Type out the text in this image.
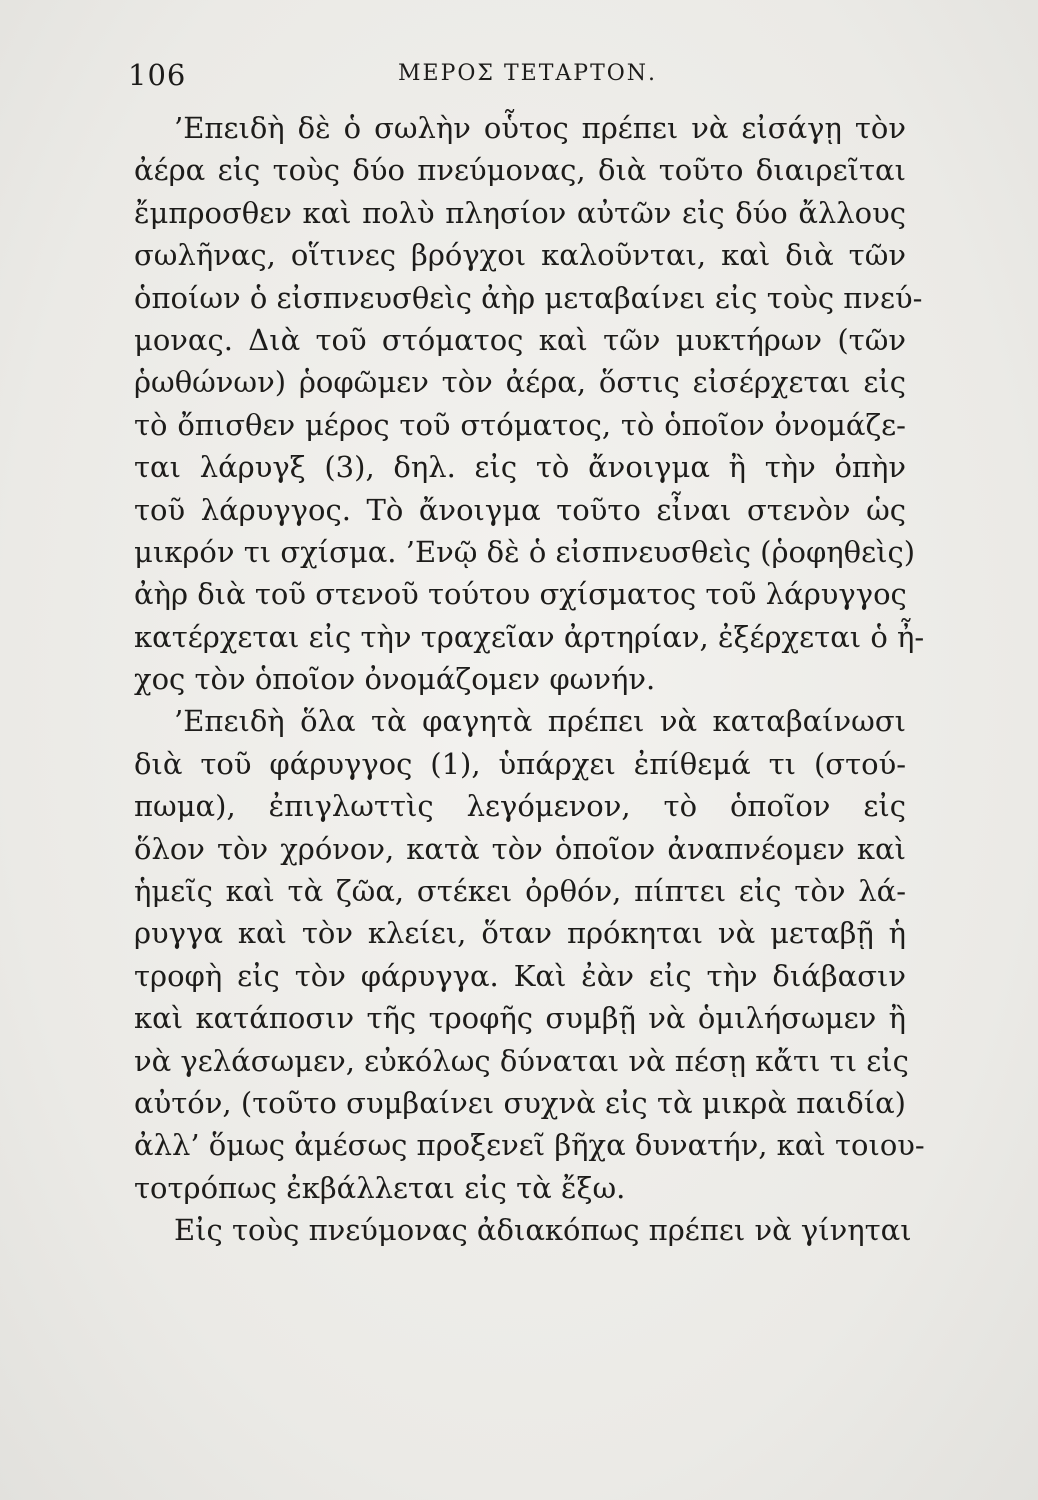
106	ΜΕΡΟΣ ΤΕΤΑΡΤΟΝ.
’Επειδὴ δὲ ὁ σωλὴν οὗτος πρέπει νὰ εἰσάγῃ τὸν
ἀέρα εἰς τοὺς δύο πνεύμονας, διὰ τοῦτο διαιρεῖται
ἔμπροσθεν καὶ πολὺ πλησίον αὐτῶν εἰς δύο ἄλλους
σωλῆνας, οἵτινες βρόγχοι καλοῦνται, καὶ διὰ τῶν
ὁποίων ὁ εἰσπνευσθεὶς ἀὴρ μεταβαίνει εἰς τοὺς πνεύ-
μονας. Διὰ τοῦ στόματος καὶ τῶν μυκτήρων (τῶν
ῥωθώνων) ῥοφῶμεν τὸν ἀέρα, ὅστις εἰσέρχεται εἰς
τὸ ὄπισθεν μέρος τοῦ στόματος, τὸ ὁποῖον ὀνομάζε-
ται λάρυγξ (3), δηλ. εἰς τὸ ἄνοιγμα ἢ τὴν ὀπὴν
τοῦ λάρυγγος. Τὸ ἄνοιγμα τοῦτο εἶναι στενὸν ὡς
μικρόν τι σχίσμα. ’Ενῷ δὲ ὁ εἰσπνευσθεὶς (ῥοφηθεὶς)
ἀὴρ διὰ τοῦ στενοῦ τούτου σχίσματος τοῦ λάρυγγος
κατέρχεται εἰς τὴν τραχεῖαν ἀρτηρίαν, ἐξέρχεται ὁ ἦ-
χος τὸν ὁποῖον ὀνομάζομεν φωνήν.
’Επειδὴ ὅλα τὰ φαγητὰ πρέπει νὰ καταβαίνωσι
διὰ τοῦ φάρυγγος (1), ὑπάρχει ἐπίθεμά τι (στού-
πωμα), ἐπιγλωττὶς λεγόμενον, τὸ ὁποῖον εἰς
ὅλον τὸν χρόνον, κατὰ τὸν ὁποῖον ἀναπνέομεν καὶ
ἡμεῖς καὶ τὰ ζῶα, στέκει ὀρθόν, πίπτει εἰς τὸν λά-
ρυγγα καὶ τὸν κλείει, ὅταν πρόκηται νὰ μεταβῇ ἡ
τροφὴ εἰς τὸν φάρυγγα. Καὶ ἐὰν εἰς τὴν διάβασιν
καὶ κατάποσιν τῆς τροφῆς συμβῇ νὰ ὁμιλήσωμεν ἢ
νὰ γελάσωμεν, εὐκόλως δύναται νὰ πέσῃ κἄτι τι εἰς
αὐτόν, (τοῦτο συμβαίνει συχνὰ εἰς τὰ μικρὰ παιδία)
ἀλλ’ ὅμως ἀμέσως προξενεῖ βῆχα δυνατήν, καὶ τοιου-
τοτρόπως ἐκβάλλεται εἰς τὰ ἔξω.
Εἰς τοὺς πνεύμονας ἀδιακόπως πρέπει νὰ γίνηται
